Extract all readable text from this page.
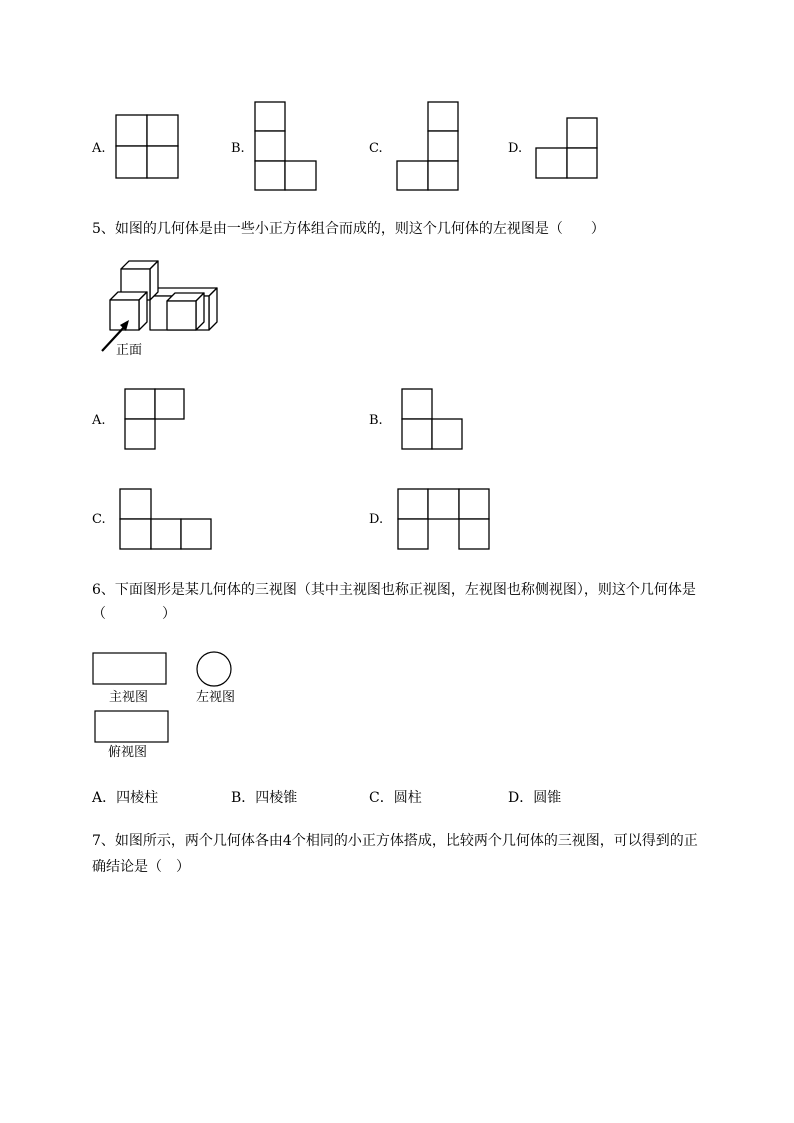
A.	B.	C.	D.
5、如图的几何体是由一些小正方体组合而成的，则这个几何体的左视图是（　　）
正面
A.	B.
C.	D.
6、下面图形是某几何体的三视图（其中主视图也称正视图，左视图也称侧视图），则这个几何体是
（　　　　）
主视图	左视图
俯视图
A．四棱柱	B．四棱锥	C．圆柱	D．圆锥
7、如图所示，两个几何体各由4个相同的小正方体搭成，比较两个几何体的三视图，可以得到的正
确结论是（　）
